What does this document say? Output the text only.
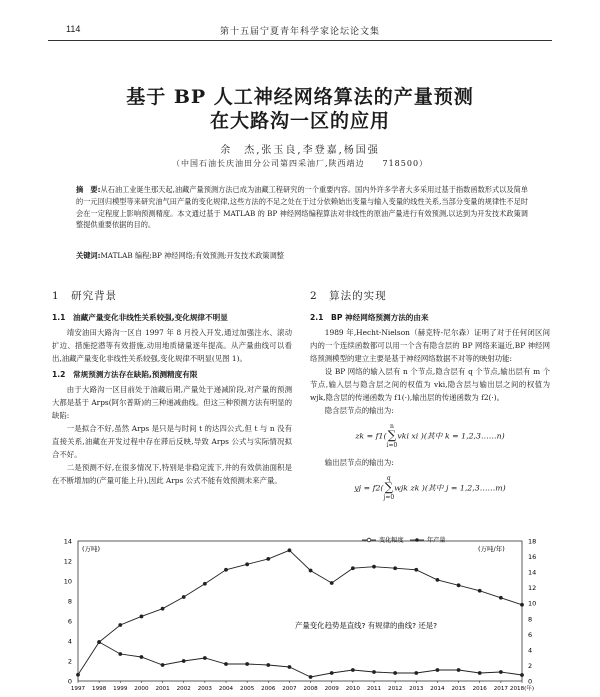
114	第十五届宁夏青年科学家论坛论文集
基于 BP 人工神经网络算法的产量预测
在大路沟一区的应用
余　杰,张玉良,李登嘉,杨国强
（中国石油长庆油田分公司第四采油厂,陕西靖边　　718500）
摘　要:从石油工业诞生那天起,油藏产量预测方法已成为油藏工程研究的一个重要内容。国内外许多学者大多采用过基于指数函数形式以及简单的一元回归模型等来研究油气田产量的变化规律,这些方法的不足之处在于过分依赖始出变量与输入变量的线性关系,当部分变量的规律性不足时会在一定程度上影响预测精度。本文通过基于 MATLAB 的 BP 神经网络编程算法对非线性的原油产量进行有效预测,以达到为开发技术政策调整提供重要依据的目的。
关键词:MATLAB 编程;BP 神经网络;有效预测;开发技术政策调整
1　研究背景
1.1　油藏产量变化非线性关系较强,变化规律不明显

靖安油田大路沟一区自 1997 年 8 月投入开发,通过加强注水、滚动扩边、措施挖潜等有效措施,动用地质储量逐年提高。从产量曲线可以看出,油藏产量变化非线性关系较强,变化规律不明显(见图 1)。

1.2　常规预测方法存在缺陷,预测精度有限

由于大路沟一区目前处于油藏后期,产量处于递减阶段,对产量的预测大都是基于 Arps(阿尔普斯)的三种递减曲线。但这三种预测方法有明显的缺陷:

一是拟合不好,虽然 Arps 是只是与时间 t 的达四公式,但 t 与 n 没有直接关系,油藏在开发过程中存在滞后反映,导致 Arps 公式与实际情况拟合不好。

二是预测不好,在很多情况下,特别是非稳定流下,井的有效供油面积是在不断增加的(产量可能上升),因此 Arps 公式不能有效预测未来产量。

2　算法的实现
2.1　BP 神经网络预测方法的由来

1989 年,Hecht-Nielson（赫克特-尼尔森）证明了对于任何闭区间内的一个连续函数都可以用一个含有隐含层的 BP 网络来逼近,BP 神经网络预测模型的建立主要是基于神经网络数据不对等的映射功能:

设 BP 网络的输入层有 n 个节点,隐含层有 q 个节点,输出层有 m 个节点,输入层与隐含层之间的权值为 vki,隐含层与输出层之间的权值为 wjk,隐含层的传递函数为 f1(·),输出层的传递函数为 f2(·)。

隐含层节点的输出为:

zk = f1(n
∑
i=0vki xi )(其中 k = 1,2,3……n)

输出层节点的输出为:

yj = f2(q
∑
j=0wjk zk )(其中 j = 1,2,3……m)
0
2
4
6
8
10
12
14
0
2
4
6
8
10
12
14
16
18
1997 1998 1999 2000 2001 2002 2003 2004 2005 2006 2007 2008 2009 2010 2011 2012 2013 2014 2015 2016 2017 2018(年)
(万吨)	(万吨/年)
变化幅度	年产量
产量变化趋势是直线? 有规律的曲线? 还是?
